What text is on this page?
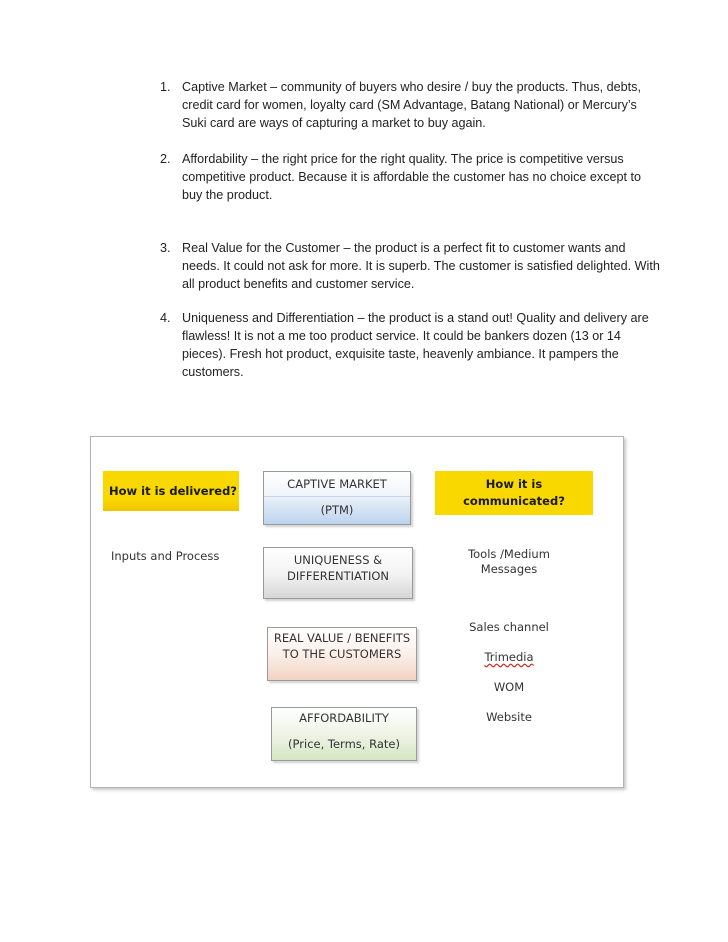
1. Captive Market – community of buyers who desire / buy the products. Thus, debts, credit card for women, loyalty card (SM Advantage, Batang National) or Mercury’s Suki card are ways of capturing a market to buy again.
2. Affordability – the right price for the right quality. The price is competitive versus competitive product. Because it is affordable the customer has no choice except to buy the product.
3. Real Value for the Customer – the product is a perfect fit to customer wants and needs. It could not ask for more. It is superb. The customer is satisfied delighted. With all product benefits and customer service.
4. Uniqueness and Differentiation – the product is a stand out! Quality and delivery are flawless! It is not a me too product service. It could be bankers dozen (13 or 14 pieces). Fresh hot product, exquisite taste, heavenly ambiance. It pampers the customers.
How it is delivered?
Inputs and Process
CAPTIVE MARKET
(PTM)
UNIQUENESS &
DIFFERENTIATION
REAL VALUE / BENEFITS
TO THE CUSTOMERS
AFFORDABILITY
(Price, Terms, Rate)
How it is
communicated?
Tools /Medium
Messages

Sales channel

Trimedia

WOM

Website
